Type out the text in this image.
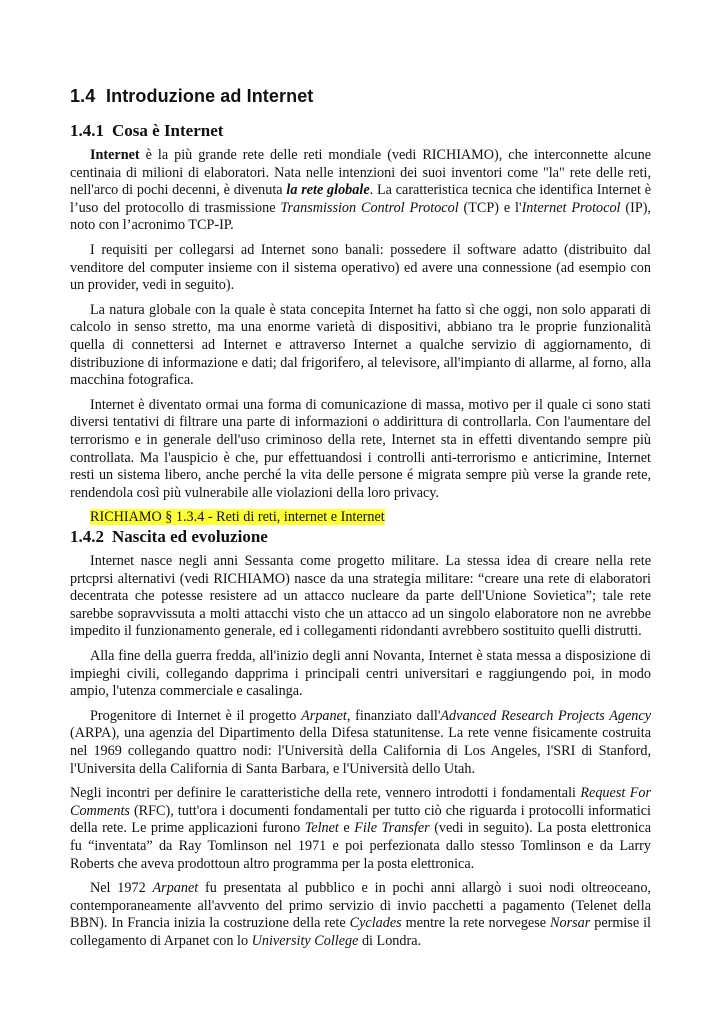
1.4 Introduzione ad Internet
1.4.1 Cosa è Internet

Internet è la più grande rete delle reti mondiale (vedi RICHIAMO), che interconnette alcune centinaia di milioni di elaboratori. Nata nelle intenzioni dei suoi inventori come "la" rete delle reti, nell'arco di pochi decenni, è divenuta la rete globale. La caratteristica tecnica che identifica Internet è l’uso del protocollo di trasmissione Transmission Control Protocol (TCP) e l'Internet Protocol (IP), noto con l’acronimo TCP-IP.

I requisiti per collegarsi ad Internet sono banali: possedere il software adatto (distribuito dal venditore del computer insieme con il sistema operativo) ed avere una connessione (ad esempio con un provider, vedi in seguito).

La natura globale con la quale è stata concepita Internet ha fatto sì che oggi, non solo apparati di calcolo in senso stretto, ma una enorme varietà di dispositivi, abbiano tra le proprie funzionalità quella di connettersi ad Internet e attraverso Internet a qualche servizio di aggiornamento, di distribuzione di informazione e dati; dal frigorifero, al televisore, all'impianto di allarme, al forno, alla macchina fotografica.

Internet è diventato ormai una forma di comunicazione di massa, motivo per il quale ci sono stati diversi tentativi di filtrare una parte di informazioni o addirittura di controllarla. Con l'aumentare del terrorismo e in generale dell'uso criminoso della rete, Internet sta in effetti diventando sempre più controllata. Ma l'auspicio è che, pur effettuandosi i controlli anti-terrorismo e anticrimine, Internet resti un sistema libero, anche perché la vita delle persone é migrata sempre più verse la grande rete, rendendola così più vulnerabile alle violazioni della loro privacy.

RICHIAMO § 1.3.4 - Reti di reti, internet e Internet

1.4.2 Nascita ed evoluzione

Internet nasce negli anni Sessanta come progetto militare. La stessa idea di creare nella rete prtcprsi alternativi (vedi RICHIAMO) nasce da una strategia militare: “creare una rete di elaboratori decentrata che potesse resistere ad un attacco nucleare da parte dell'Unione Sovietica”; tale rete sarebbe sopravvissuta a molti attacchi visto che un attacco ad un singolo elaboratore non ne avrebbe impedito il funzionamento generale, ed i collegamenti ridondanti avrebbero sostituito quelli distrutti.

Alla fine della guerra fredda, all'inizio degli anni Novanta, Internet è stata messa a disposizione di impieghi civili, collegando dapprima i principali centri universitari e raggiungendo poi, in modo ampio, l'utenza commerciale e casalinga.

Progenitore di Internet è il progetto Arpanet, finanziato dall'Advanced Research Projects Agency (ARPA), una agenzia del Dipartimento della Difesa statunitense. La rete venne fisicamente costruita nel 1969 collegando quattro nodi: l'Università della California di Los Angeles, l'SRI di Stanford, l'Universita della California di Santa Barbara, e l'Università dello Utah.

Negli incontri per definire le caratteristiche della rete, vennero introdotti i fondamentali Request For Comments (RFC), tutt'ora i documenti fondamentali per tutto ciò che riguarda i protocolli informatici della rete. Le prime applicazioni furono Telnet e File Transfer (vedi in seguito). La posta elettronica fu “inventata” da Ray Tomlinson nel 1971 e poi perfezionata dallo stesso Tomlinson e da Larry Roberts che aveva prodottoun altro programma per la posta elettronica.

Nel 1972 Arpanet fu presentata al pubblico e in pochi anni allargò i suoi nodi oltreoceano, contemporaneamente all'avvento del primo servizio di invio pacchetti a pagamento (Telenet della BBN). In Francia inizia la costruzione della rete Cyclades mentre la rete norvegese Norsar permise il collegamento di Arpanet con lo University College di Londra.
